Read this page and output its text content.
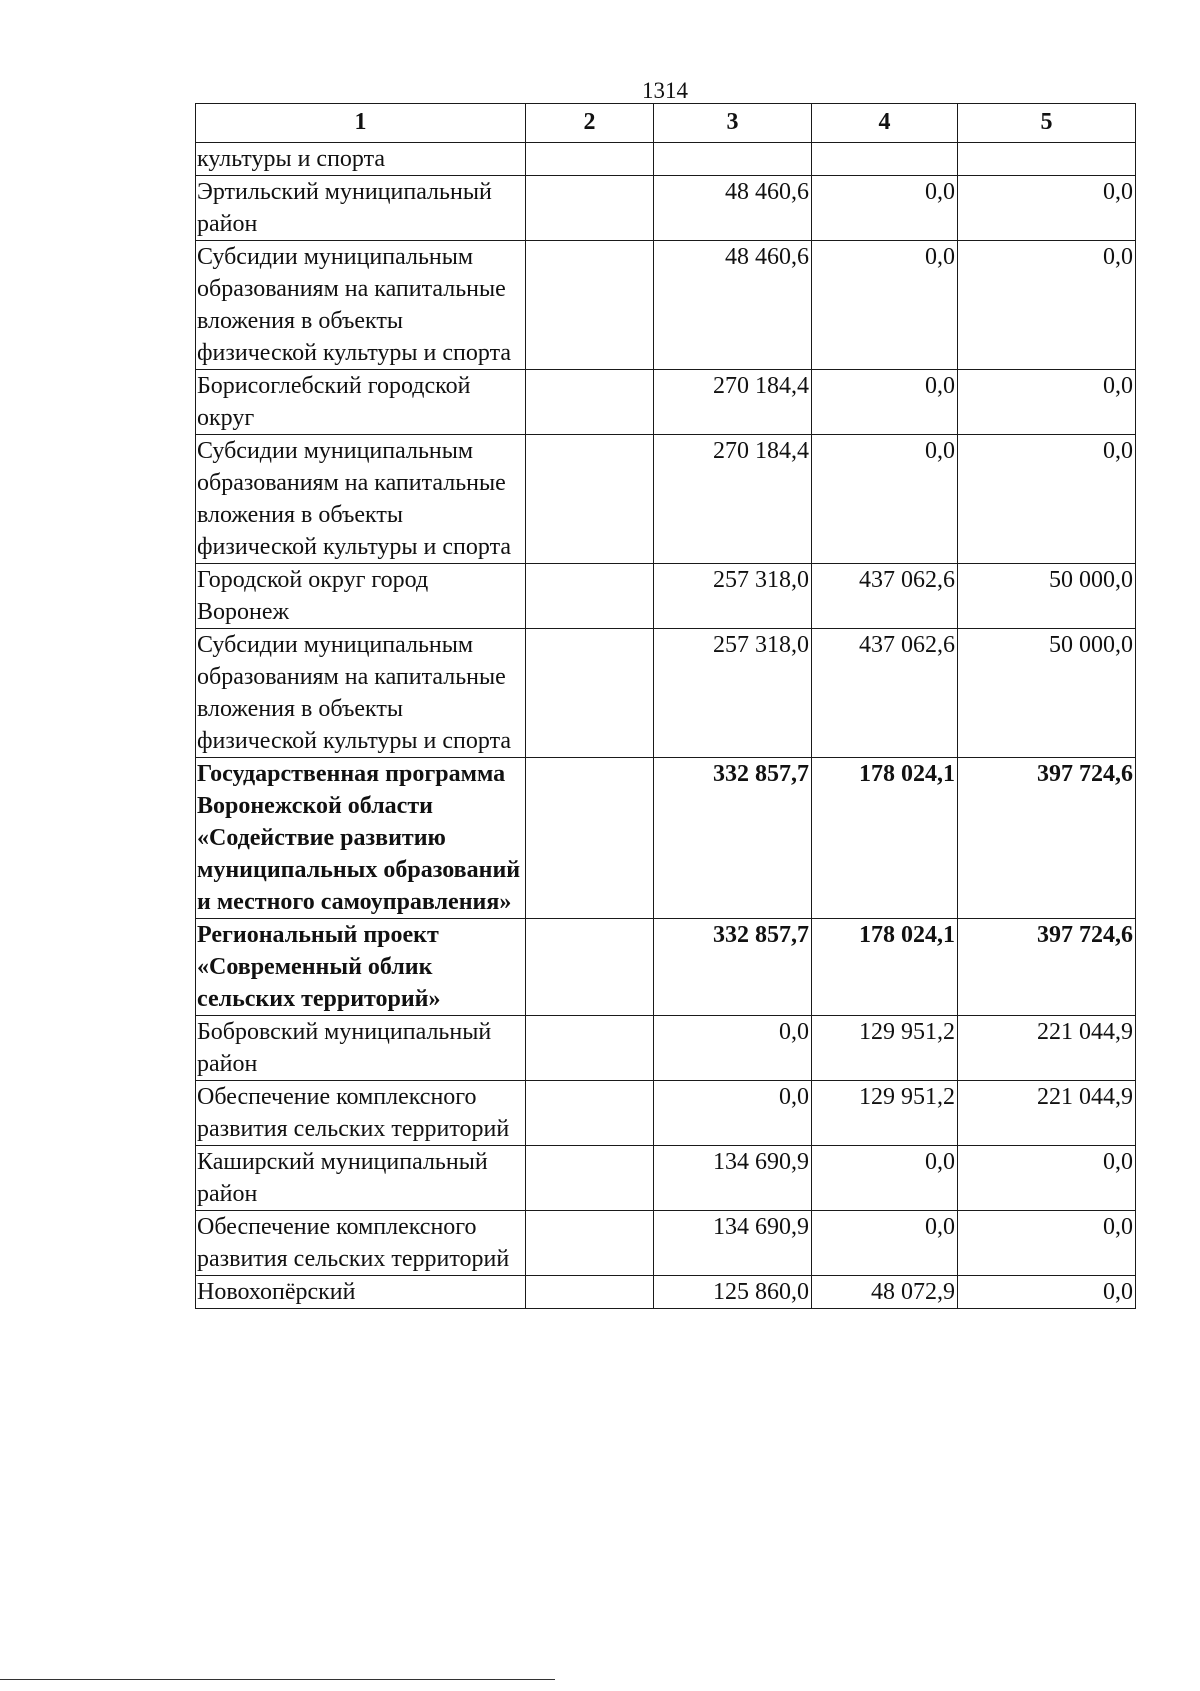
1314
1	2	3	4	5
культуры и спорта				
Эртильский муниципальный район		48 460,6	0,0	0,0
Субсидии муниципальным образованиям на капитальные вложения в объекты физической культуры и спорта		48 460,6	0,0	0,0
Борисоглебский городской округ		270 184,4	0,0	0,0
Субсидии муниципальным образованиям на капитальные вложения в объекты физической культуры и спорта		270 184,4	0,0	0,0
Городской округ город Воронеж		257 318,0	437 062,6	50 000,0
Субсидии муниципальным образованиям на капитальные вложения в объекты физической культуры и спорта		257 318,0	437 062,6	50 000,0
Государственная программа Воронежской области «Содействие развитию муниципальных образований и местного самоуправления»		332 857,7	178 024,1	397 724,6
Региональный проект «Современный облик сельских территорий»		332 857,7	178 024,1	397 724,6
Бобровский муниципальный район		0,0	129 951,2	221 044,9
Обеспечение комплексного развития сельских территорий		0,0	129 951,2	221 044,9
Каширский муниципальный район		134 690,9	0,0	0,0
Обеспечение комплексного развития сельских территорий		134 690,9	0,0	0,0
Новохопёрский		125 860,0	48 072,9	0,0
